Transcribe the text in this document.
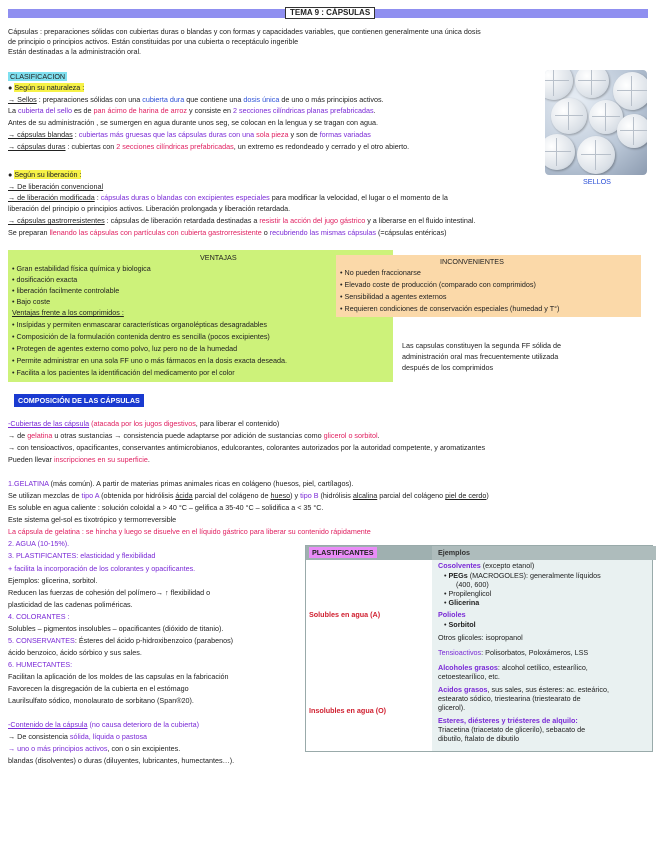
TEMA 9 : CÁPSULAS
Cápsulas : preparaciones sólidas con cubiertas duras o blandas y con formas y capacidades variables, que contienen generalmente una única dosis
de principio o principios activos. Están constituidas por una cubierta o receptáculo ingerible
Están destinadas a la administración oral.
CLASIFICACION
● Según su naturaleza :
→ Sellos : preparaciones sólidas con una cubierta dura que contiene una dosis única de uno o más principios activos.
La cubierta del sello es de pan ácimo de harina de arroz y consiste en 2 secciones cilíndricas planas prefabricadas.
Antes de su administración , se sumergen en agua durante unos seg, se colocan en la lengua y se tragan con agua.
→ cápsulas blandas : cubiertas más gruesas que las cápsulas duras con una sola pieza y son de formas variadas
→ cápsulas duras : cubiertas con 2 secciones cilíndricas prefabricadas, un extremo es redondeado y cerrado y el otro abierto.
SELLOS
● Según su liberación :
→ De liberación convencional
→ de liberación modificada : cápsulas duras o blandas con excipientes especiales para modificar la velocidad, el lugar o el momento de la
liberación del principio o principios activos. Liberación prolongada y liberación retardada.
→ cápsulas gastrorresistentes : cápsulas de liberación retardada destinadas a resistir la acción del jugo gástrico y a liberarse en el fluido intestinal.
Se preparan llenando las cápsulas con partículas con cubierta gastrorresistente o recubriendo las mismas cápsulas (=cápsulas entéricas)
VENTAJAS
• Gran estabilidad física química y biologica
• dosificación exacta
• liberación facilmente controlable
• Bajo coste
Ventajas frente a los comprimidos :
• Insípidas y permiten enmascarar características organolépticas desagradables
• Composición de la formulación contenida dentro es sencilla (pocos excipientes)
• Protegen de agentes externo como polvo, luz pero no de la humedad
• Permite administrar en una sola FF uno o más fármacos en la dosis exacta deseada.
• Facilita a los pacientes la identificación del medicamento por el color
INCONVENIENTES
• No pueden fraccionarse
• Elevado coste de producción (comparado con comprimidos)
• Sensibilidad a agentes externos
• Requieren condiciones de conservación especiales (humedad y T°)
Las capsulas constituyen la segunda FF sólida de
administración oral mas frecuentemente utilizada
después de los comprimidos
COMPOSICIÓN DE LAS CÁPSULAS
-Cubiertas de las cápsula (atacada por los jugos digestivos, para liberar el contenido)
→ de gelatina u otras sustancias → consistencia puede adaptarse por adición de sustancias como glicerol o sorbitol.
→ con tensioactivos, opacificantes, conservantes antimicrobianos, edulcorantes, colorantes autorizados por la autoridad competente, y aromatizantes
Pueden llevar inscripciones en su superficie.
1.GELATINA (más común). A partir de materias primas animales ricas en colágeno (huesos, piel, cartílagos).
Se utilizan mezclas de tipo A (obtenida por hidrólisis ácida parcial del colágeno de hueso) y tipo B (hidrólisis alcalina parcial del colágeno piel de cerdo)
Es soluble en agua caliente : solución coloidal a > 40 °C – gelifica a 35-40 °C – solidifica a < 35 °C.
Este sistema gel-sol es tixotrópico y termorreversible
La cápsula de gelatina : se hincha y luego se disuelve en el líquido gástrico para liberar su contenido rápidamente
2. AGUA (10-15%).
3. PLASTIFICANTES: elasticidad y flexibilidad
+ facilita la incorporación de los colorantes y opacificantes.
Ejemplos: glicerina, sorbitol.
Reducen las fuerzas de cohesión del polímero→ ↑ flexibilidad o
plasticidad de las cadenas poliméricas.
4. COLORANTES :
Solubles – pigmentos insolubles – opacificantes (dióxido de titanio).
5. CONSERVANTES: Ésteres del ácido p-hidroxibenzoico (parabenos)
ácido benzoico, ácido sórbico y sus sales.
6. HUMECTANTES:
Facilitan la aplicación de los moldes de las capsulas en la fabricación
Favorecen la disgregación de la cubierta en el estómago
Laurilsulfato sódico, monolaurato de sorbitano (Span®20).
-Contenido de la cápsula (no causa deterioro de la cubierta)
→ De consistencia sólida, líquida o pastosa
→ uno o más principios activos, con o sin excipientes.
blandas (disolventes) o duras (diluyentes, lubricantes, humectantes…).
Ejemplos
PLASTIFICANTES
Solubles en agua (A)
Insolubles en agua (O)
Cosolventes (excepto etanol)
• PEGs (MACROGOLES): generalmente líquidos
(400, 600)
• Propilenglicol
• Glicerina
Polioles
• Sorbitol
Otros glicoles: isopropanol
Tensioactivos: Polisorbatos, Poloxámeros, LSS
Alcoholes grasos: alcohol cetílico, estearílico,
cetoestearílico, etc.
Acidos grasos, sus sales, sus ésteres: ac. esteárico,
estearato sódico, triestearina (triestearato de
glicerol).
Esteres, diésteres y triésteres de alquilo:
Triacetina (triacetato de glicerilo), sebacato de
dibutilo, ftalato de dibutilo
